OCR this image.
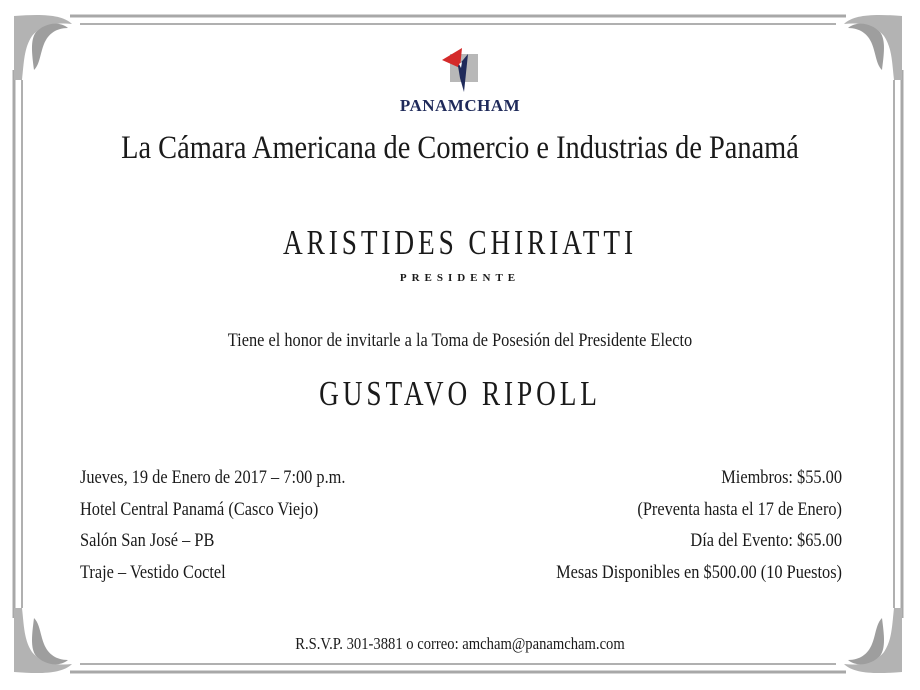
PANAMCHAM
La Cámara Americana de Comercio e Industrias de Panamá
ARISTIDES CHIRIATTI
PRESIDENTE
Tiene el honor de invitarle a la Toma de Posesión del Presidente Electo
GUSTAVO RIPOLL
Jueves, 19 de Enero de 2017 – 7:00 p.m.
Hotel Central Panamá (Casco Viejo)
Salón San José – PB
Traje – Vestido Coctel
Miembros: $55.00
(Preventa hasta el 17 de Enero)
Día del Evento: $65.00
Mesas Disponibles en $500.00 (10 Puestos)
R.S.V.P. 301-3881 o correo: amcham@panamcham.com
